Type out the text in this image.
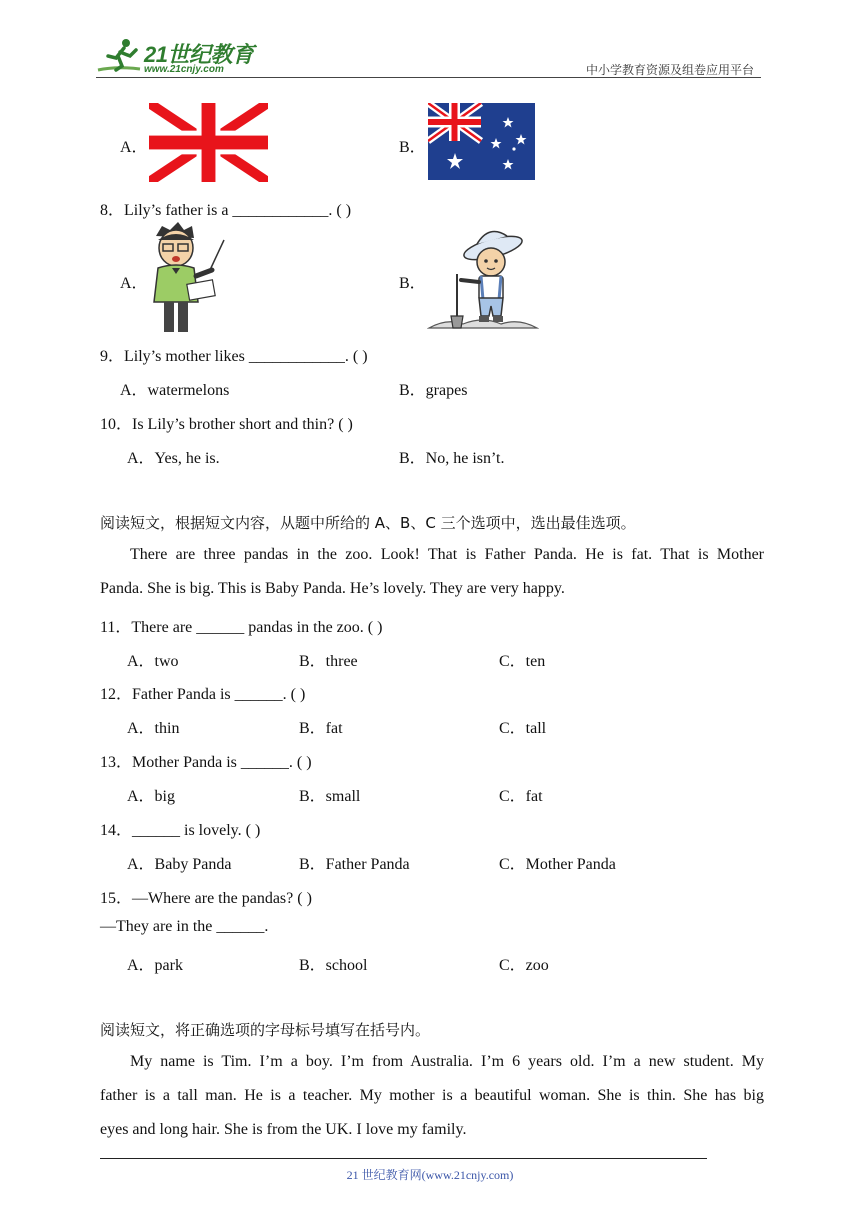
21世纪教育
www.21cnjy.com	中小学教育资源及组卷应用平台
A．	B．
8．Lily’s father is a ____________. ( )
A．	B．
9．Lily’s mother likes ____________. ( )
A．watermelons	B．grapes
10．Is Lily’s brother short and thin? ( )
A．Yes, he is.	B．No, he isn’t.
阅读短文，根据短文内容，从题中所给的 A、B、C 三个选项中，选出最佳选项。
There are three pandas in the zoo. Look! That is Father Panda. He is fat. That is Mother
Panda. She is big. This is Baby Panda. He’s lovely. They are very happy.
11．There are ______ pandas in the zoo. ( )
A．two	B．three	C．ten
12．Father Panda is ______. ( )
A．thin	B．fat	C．tall
13．Mother Panda is ______. ( )
A．big	B．small	C．fat
14．______ is lovely. ( )
A．Baby Panda	B．Father Panda	C．Mother Panda
15．—Where are the pandas? ( )
—They are in the ______.
A．park	B．school	C．zoo
阅读短文，将正确选项的字母标号填写在括号内。
My name is Tim. I’m a boy. I’m from Australia. I’m 6 years old. I’m a new student. My
father is a tall man. He is a teacher. My mother is a beautiful woman. She is thin. She has big
eyes and long hair. She is from the UK. I love my family.
21 世纪教育网(www.21cnjy.com)
